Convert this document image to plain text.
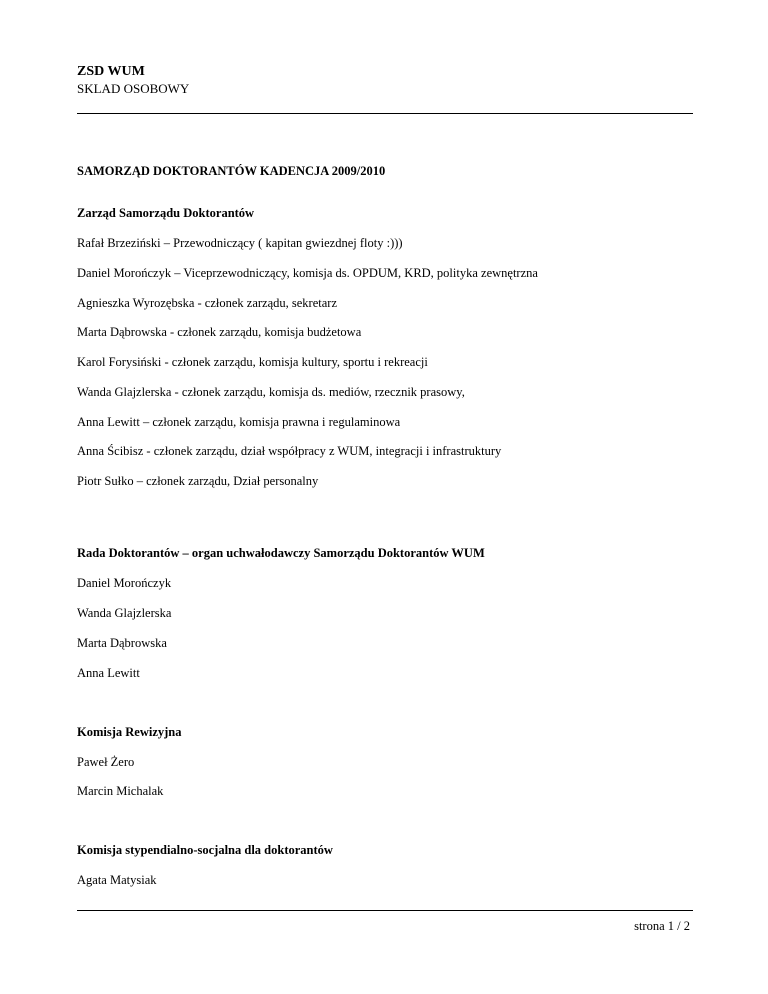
ZSD WUM
SKLAD OSOBOWY
SAMORZĄD DOKTORANTÓW KADENCJA 2009/2010
Zarząd Samorządu Doktorantów
Rafał Brzeziński – Przewodniczący ( kapitan gwiezdnej floty :)))
Daniel Morończyk – Viceprzewodniczący, komisja ds. OPDUM, KRD, polityka zewnętrzna
Agnieszka Wyrozębska - członek zarządu, sekretarz
Marta Dąbrowska - członek zarządu, komisja budżetowa
Karol Forysiński - członek zarządu, komisja kultury, sportu i rekreacji
Wanda Glajzlerska - członek zarządu, komisja ds. mediów, rzecznik prasowy,
Anna Lewitt – członek zarządu, komisja prawna i regulaminowa
Anna Ścibisz - członek zarządu, dział współpracy z WUM, integracji i infrastruktury
Piotr Sułko – członek zarządu, Dział personalny
Rada Doktorantów – organ uchwałodawczy Samorządu Doktorantów WUM
Daniel Morończyk
Wanda Glajzlerska
Marta Dąbrowska
Anna Lewitt
Komisja Rewizyjna
Paweł Żero
Marcin Michalak
Komisja stypendialno-socjalna dla doktorantów
Agata Matysiak
strona 1 / 2
